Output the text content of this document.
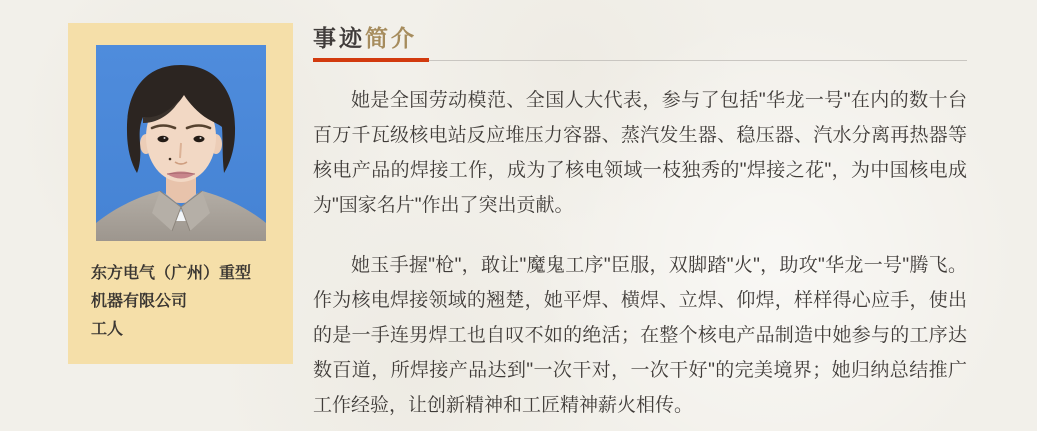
东方电气（广州）重型
机器有限公司
工人
事迹简介

她是全国劳动模范、全国人大代表，参与了包括"华龙一号"在内的数十台百万千瓦级核电站反应堆压力容器、蒸汽发生器、稳压器、汽水分离再热器等核电产品的焊接工作，成为了核电领域一枝独秀的"焊接之花"，为中国核电成为"国家名片"作出了突出贡献。

她玉手握"枪"，敢让"魔鬼工序"臣服，双脚踏"火"，助攻"华龙一号"腾飞。作为核电焊接领域的翘楚，她平焊、横焊、立焊、仰焊，样样得心应手，使出的是一手连男焊工也自叹不如的绝活；在整个核电产品制造中她参与的工序达数百道，所焊接产品达到"一次干对，一次干好"的完美境界；她归纳总结推广工作经验，让创新精神和工匠精神薪火相传。
